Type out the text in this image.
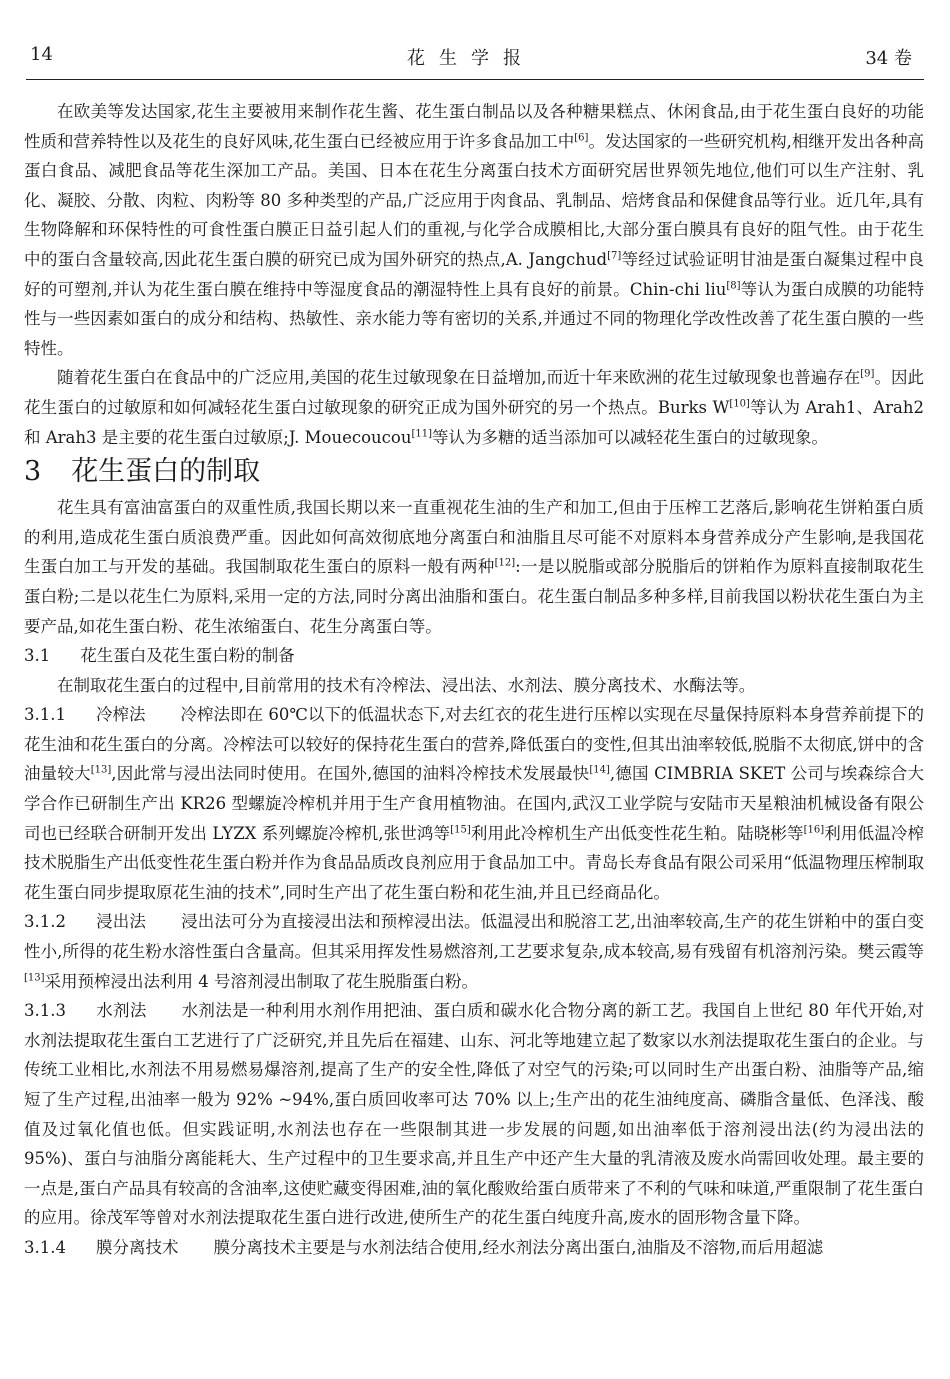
14	花生学报	34 卷

在欧美等发达国家,花生主要被用来制作花生酱、花生蛋白制品以及各种糖果糕点、休闲食品,由于花生蛋白良好的功能性质和营养特性以及花生的良好风味,花生蛋白已经被应用于许多食品加工中[6]。发达国家的一些研究机构,相继开发出各种高蛋白食品、减肥食品等花生深加工产品。美国、日本在花生分离蛋白技术方面研究居世界领先地位,他们可以生产注射、乳化、凝胶、分散、肉粒、肉粉等 80 多种类型的产品,广泛应用于肉食品、乳制品、焙烤食品和保健食品等行业。近几年,具有生物降解和环保特性的可食性蛋白膜正日益引起人们的重视,与化学合成膜相比,大部分蛋白膜具有良好的阻气性。由于花生中的蛋白含量较高,因此花生蛋白膜的研究已成为国外研究的热点,A. Jangchud[7]等经过试验证明甘油是蛋白凝集过程中良好的可塑剂,并认为花生蛋白膜在维持中等湿度食品的潮湿特性上具有良好的前景。Chin-chi liu[8]等认为蛋白成膜的功能特性与一些因素如蛋白的成分和结构、热敏性、亲水能力等有密切的关系,并通过不同的物理化学改性改善了花生蛋白膜的一些特性。

随着花生蛋白在食品中的广泛应用,美国的花生过敏现象在日益增加,而近十年来欧洲的花生过敏现象也普遍存在[9]。因此花生蛋白的过敏原和如何减轻花生蛋白过敏现象的研究正成为国外研究的另一个热点。Burks W[10]等认为 Arah1、Arah2 和 Arah3 是主要的花生蛋白过敏原;J. Mouecoucou[11]等认为多糖的适当添加可以减轻花生蛋白的过敏现象。

3 花生蛋白的制取

花生具有富油富蛋白的双重性质,我国长期以来一直重视花生油的生产和加工,但由于压榨工艺落后,影响花生饼粕蛋白质的利用,造成花生蛋白质浪费严重。因此如何高效彻底地分离蛋白和油脂且尽可能不对原料本身营养成分产生影响,是我国花生蛋白加工与开发的基础。我国制取花生蛋白的原料一般有两种[12]:一是以脱脂或部分脱脂后的饼粕作为原料直接制取花生蛋白粉;二是以花生仁为原料,采用一定的方法,同时分离出油脂和蛋白。花生蛋白制品多种多样,目前我国以粉状花生蛋白为主要产品,如花生蛋白粉、花生浓缩蛋白、花生分离蛋白等。

3.1 花生蛋白及花生蛋白粉的制备

在制取花生蛋白的过程中,目前常用的技术有冷榨法、浸出法、水剂法、膜分离技术、水酶法等。

3.1.1 冷榨法 冷榨法即在 60℃以下的低温状态下,对去红衣的花生进行压榨以实现在尽量保持原料本身营养前提下的花生油和花生蛋白的分离。冷榨法可以较好的保持花生蛋白的营养,降低蛋白的变性,但其出油率较低,脱脂不太彻底,饼中的含油量较大[13],因此常与浸出法同时使用。在国外,德国的油料冷榨技术发展最快[14],德国 CIMBRIA SKET 公司与埃森综合大学合作已研制生产出 KR26 型螺旋冷榨机并用于生产食用植物油。在国内,武汉工业学院与安陆市天星粮油机械设备有限公司也已经联合研制开发出 LYZX 系列螺旋冷榨机,张世鸿等[15]利用此冷榨机生产出低变性花生粕。陆晓彬等[16]利用低温冷榨技术脱脂生产出低变性花生蛋白粉并作为食品品质改良剂应用于食品加工中。青岛长寿食品有限公司采用“低温物理压榨制取花生蛋白同步提取原花生油的技术”,同时生产出了花生蛋白粉和花生油,并且已经商品化。

3.1.2 浸出法 浸出法可分为直接浸出法和预榨浸出法。低温浸出和脱溶工艺,出油率较高,生产的花生饼粕中的蛋白变性小,所得的花生粉水溶性蛋白含量高。但其采用挥发性易燃溶剂,工艺要求复杂,成本较高,易有残留有机溶剂污染。樊云霞等[13]采用预榨浸出法利用 4 号溶剂浸出制取了花生脱脂蛋白粉。

3.1.3 水剂法 水剂法是一种利用水剂作用把油、蛋白质和碳水化合物分离的新工艺。我国自上世纪 80 年代开始,对水剂法提取花生蛋白工艺进行了广泛研究,并且先后在福建、山东、河北等地建立起了数家以水剂法提取花生蛋白的企业。与传统工业相比,水剂法不用易燃易爆溶剂,提高了生产的安全性,降低了对空气的污染;可以同时生产出蛋白粉、油脂等产品,缩短了生产过程,出油率一般为 92% ~94%,蛋白质回收率可达 70% 以上;生产出的花生油纯度高、磷脂含量低、色泽浅、酸值及过氧化值也低。但实践证明,水剂法也存在一些限制其进一步发展的问题,如出油率低于溶剂浸出法(约为浸出法的 95%)、蛋白与油脂分离能耗大、生产过程中的卫生要求高,并且生产中还产生大量的乳清液及废水尚需回收处理。最主要的一点是,蛋白产品具有较高的含油率,这使贮藏变得困难,油的氧化酸败给蛋白质带来了不利的气味和味道,严重限制了花生蛋白的应用。徐茂军等曾对水剂法提取花生蛋白进行改进,使所生产的花生蛋白纯度升高,废水的固形物含量下降。

3.1.4 膜分离技术 膜分离技术主要是与水剂法结合使用,经水剂法分离出蛋白,油脂及不溶物,而后用超滤
